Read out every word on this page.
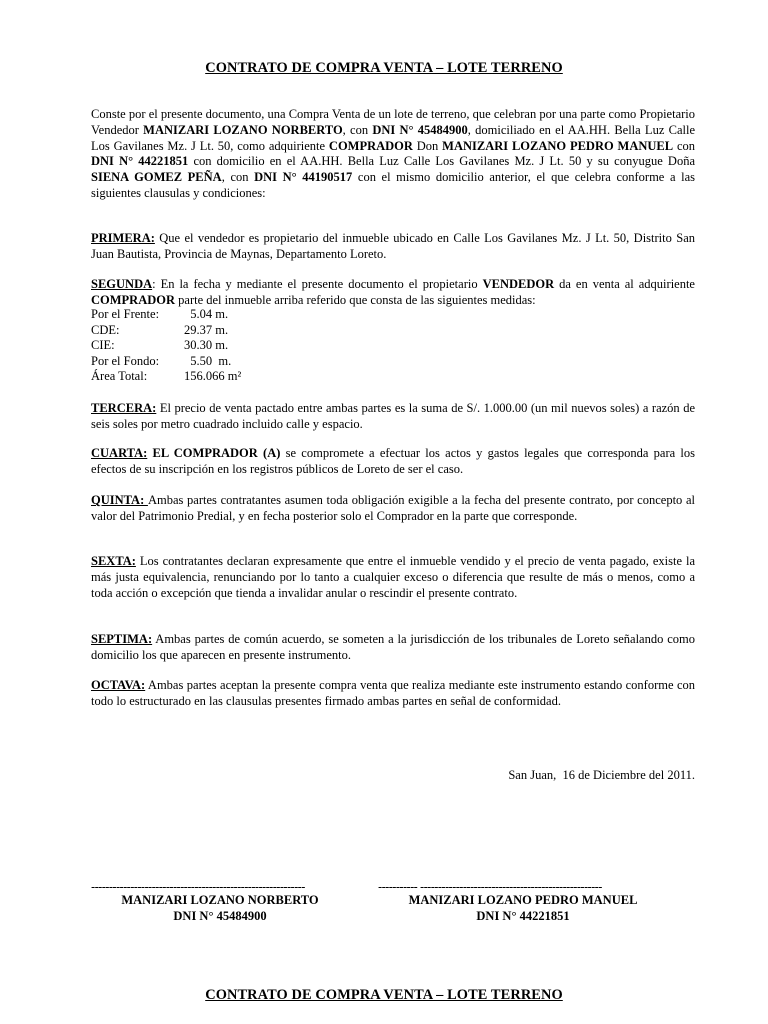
CONTRATO DE COMPRA VENTA – LOTE TERRENO
Conste por el presente documento, una Compra Venta de un lote de terreno, que celebran por una parte como Propietario Vendedor MANIZARI LOZANO NORBERTO, con DNI N° 45484900, domiciliado en el AA.HH. Bella Luz Calle Los Gavilanes Mz. J Lt. 50, como adquiriente COMPRADOR Don MANIZARI LOZANO PEDRO MANUEL con DNI N° 44221851 con domicilio en el AA.HH. Bella Luz Calle Los Gavilanes Mz. J Lt. 50 y su conyugue Doña SIENA GOMEZ PEÑA, con DNI N° 44190517 con el mismo domicilio anterior, el que celebra conforme a las siguientes clausulas y condiciones:
PRIMERA: Que el vendedor es propietario del inmueble ubicado en Calle Los Gavilanes Mz. J Lt. 50, Distrito San Juan Bautista, Provincia de Maynas, Departamento Loreto.
SEGUNDA: En la fecha y mediante el presente documento el propietario VENDEDOR da en venta al adquiriente COMPRADOR parte del inmueble arriba referido que consta de las siguientes medidas:
Por el Frente: 5.04 m.
CDE:	29.37 m.
CIE:	30.30 m.
Por el Fondo: 5.50  m.
Área Total:	156.066 m²
TERCERA: El precio de venta pactado entre ambas partes es la suma de S/. 1.000.00 (un mil nuevos soles) a razón de seis soles por metro cuadrado incluido calle y espacio.
CUARTA: EL COMPRADOR (A) se compromete a efectuar los actos y gastos legales que corresponda para los efectos de su inscripción en los registros públicos de Loreto de ser el caso.
QUINTA: Ambas partes contratantes asumen toda obligación exigible a la fecha del presente contrato, por concepto al valor del Patrimonio Predial, y en fecha posterior solo el Comprador en la parte que corresponde.
SEXTA: Los contratantes declaran expresamente que entre el inmueble vendido y el precio de venta pagado, existe la más justa equivalencia, renunciando por lo tanto a cualquier exceso o diferencia que resulte de más o menos, como a toda acción o excepción que tienda a invalidar anular o rescindir el presente contrato.
SEPTIMA: Ambas partes de común acuerdo, se someten a la jurisdicción de los tribunales de Loreto señalando como domicilio los que aparecen en presente instrumento.
OCTAVA: Ambas partes aceptan la presente compra venta que realiza mediante este instrumento estando conforme con todo lo estructurado en las clausulas presentes firmado ambas partes en señal de conformidad.
San Juan,  16 de Diciembre del 2011.
------------------------------------------------------------	----------- ---------------------------------------------------
MANIZARI LOZANO NORBERTO
DNI N° 45484900
MANIZARI LOZANO PEDRO MANUEL
DNI N° 44221851
CONTRATO DE COMPRA VENTA – LOTE TERRENO
